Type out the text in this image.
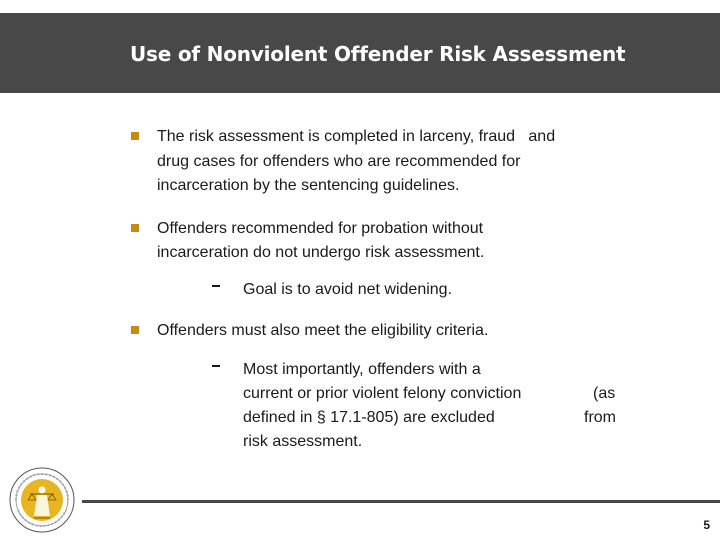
Use of Nonviolent Offender Risk Assessment
The risk assessment is completed in larceny, fraud   and
drug cases for offenders who are recommended for
incarceration by the sentencing guidelines.
Offenders recommended for probation without
incarceration do not undergo risk assessment.
Goal is to avoid net widening.
Offenders must also meet the eligibility criteria.
Most importantly, offenders with a
current or prior violent felony conviction	(as
defined in § 17.1-805) are excluded	from
risk assessment.
5
